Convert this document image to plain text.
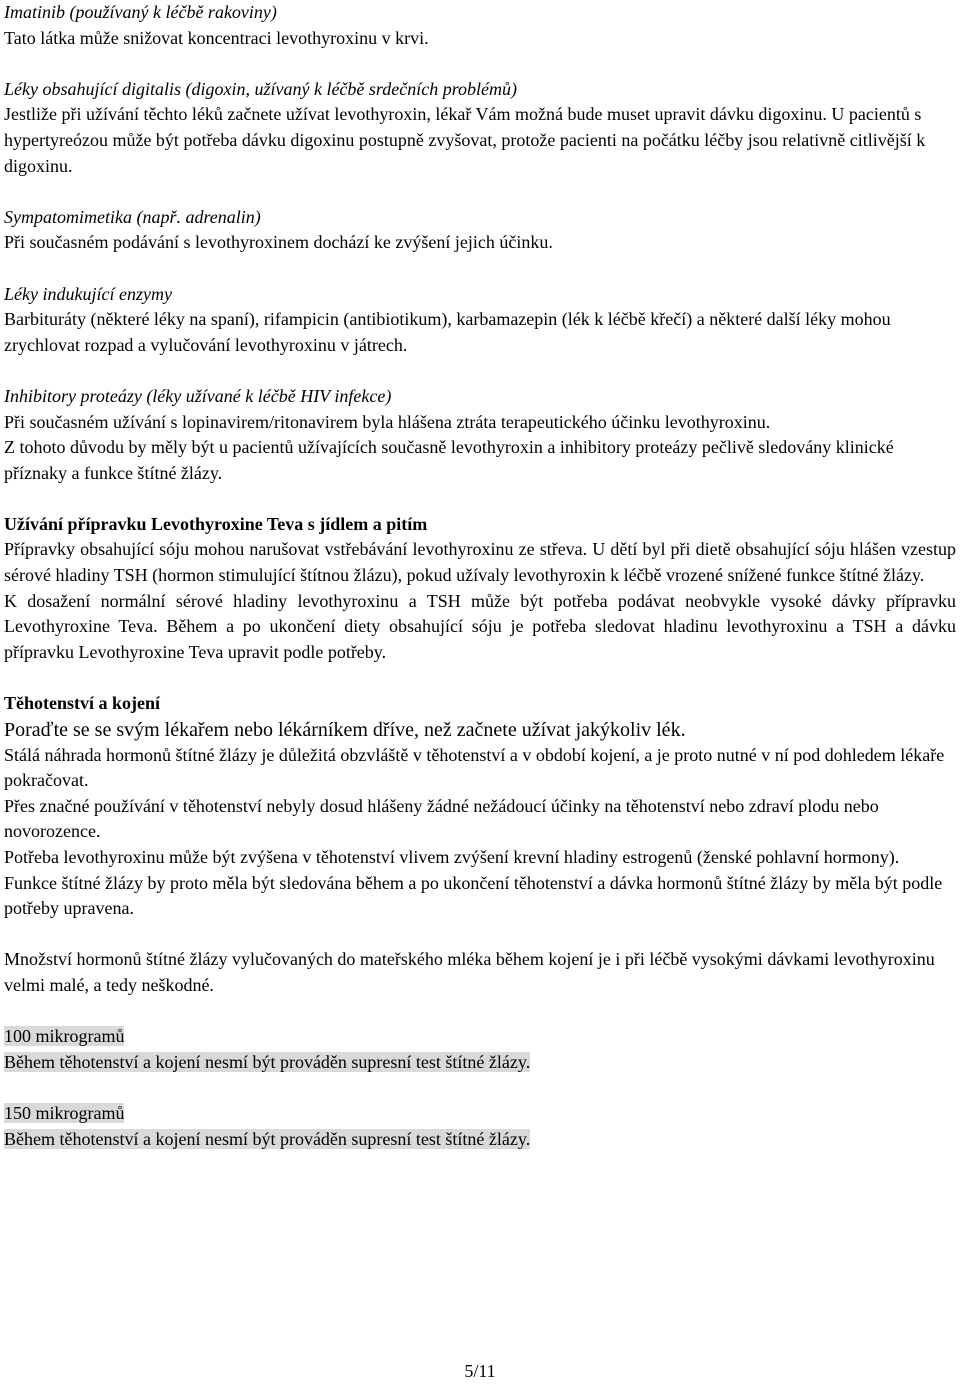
Imatinib (používaný k léčbě rakoviny)

Tato látka může snižovat koncentraci levothyroxinu v krvi.

Léky obsahující digitalis (digoxin, užívaný k léčbě srdečních problémů)

Jestliže při užívání těchto léků začnete užívat levothyroxin, lékař Vám možná bude muset upravit dávku digoxinu. U pacientů s hypertyreózou může být potřeba dávku digoxinu postupně zvyšovat, protože pacienti na počátku léčby jsou relativně citlivější k digoxinu.

Sympatomimetika (např. adrenalin)

Při současném podávání s levothyroxinem dochází ke zvýšení jejich účinku.

Léky indukující enzymy

Barbituráty (některé léky na spaní), rifampicin (antibiotikum), karbamazepin (lék k léčbě křečí) a některé další léky mohou zrychlovat rozpad a vylučování levothyroxinu v játrech.

Inhibitory proteázy (léky užívané k léčbě HIV infekce)

Při současném užívání s lopinavirem/ritonavirem byla hlášena ztráta terapeutického účinku levothyroxinu.

Z tohoto důvodu by měly být u pacientů užívajících současně levothyroxin a inhibitory proteázy pečlivě sledovány klinické příznaky a funkce štítné žlázy.

Užívání přípravku Levothyroxine Teva s jídlem a pitím

Přípravky obsahující sóju mohou narušovat vstřebávání levothyroxinu ze střeva. U dětí byl při dietě obsahující sóju hlášen vzestup sérové hladiny TSH (hormon stimulující štítnou žlázu), pokud užívaly levothyroxin k léčbě vrozené snížené funkce štítné žlázy.

K dosažení normální sérové hladiny levothyroxinu a TSH může být potřeba podávat neobvykle vysoké dávky přípravku Levothyroxine Teva. Během a po ukončení diety obsahující sóju je potřeba sledovat hladinu levothyroxinu a TSH a dávku přípravku Levothyroxine Teva upravit podle potřeby.

Těhotenství a kojení

Poraďte se se svým lékařem nebo lékárníkem dříve, než začnete užívat jakýkoliv lék.

Stálá náhrada hormonů štítné žlázy je důležitá obzvláště v těhotenství a v období kojení, a je proto nutné v ní pod dohledem lékaře pokračovat.

Přes značné používání v těhotenství nebyly dosud hlášeny žádné nežádoucí účinky na těhotenství nebo zdraví plodu nebo novorozence.

Potřeba levothyroxinu může být zvýšena v těhotenství vlivem zvýšení krevní hladiny estrogenů (ženské pohlavní hormony). Funkce štítné žlázy by proto měla být sledována během a po ukončení těhotenství a dávka hormonů štítné žlázy by měla být podle potřeby upravena.

Množství hormonů štítné žlázy vylučovaných do mateřského mléka během kojení je i při léčbě vysokými dávkami levothyroxinu velmi malé, a tedy neškodné.

100 mikrogramů

Během těhotenství a kojení nesmí být prováděn supresní test štítné žlázy.

150 mikrogramů

Během těhotenství a kojení nesmí být prováděn supresní test štítné žlázy.

5/11
